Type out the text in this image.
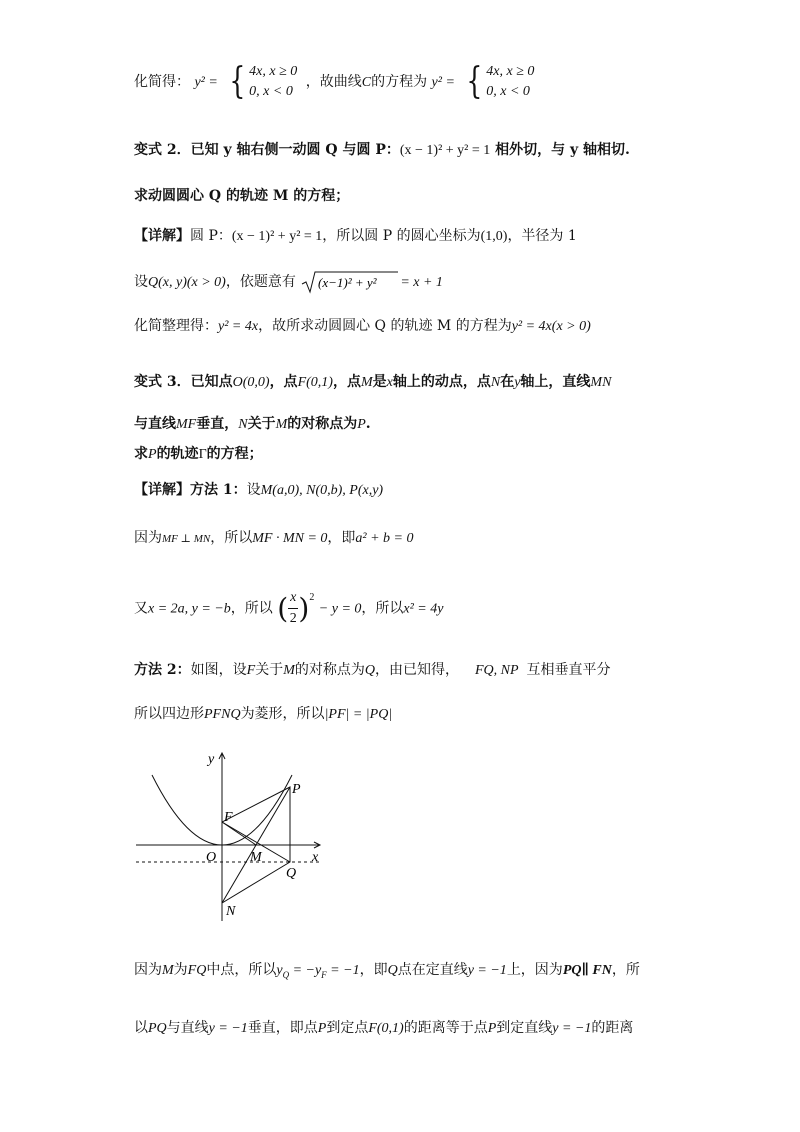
化简得： y² = { 4x, x ≥ 0
0, x < 0
，故曲线C的方程为 y² = { 4x, x ≥ 0
0, x < 0
变式 2．已知 y 轴右侧一动圆 Q 与圆 P：(x − 1)² + y² = 1 相外切，与 y 轴相切.
求动圆圆心 Q 的轨迹 M 的方程；
【详解】圆 P：(x − 1)² + y² = 1，所以圆 P 的圆心坐标为(1,0)，半径为 1
设Q(x, y)(x > 0)，依题意有 (x−1)² + y² = x + 1
化简整理得：y² = 4x，故所求动圆圆心 Q 的轨迹 M 的方程为y² = 4x(x > 0)
变式 3．已知点O(0,0)，点F(0,1)，点M是x轴上的动点，点N在y轴上，直线MN
与直线MF垂直，N关于M的对称点为P.
求P的轨迹Γ的方程；
【详解】方法 1：设M(a,0), N(0,b), P(x,y)
因为MF ⊥ MN，所以MF · MN = 0，即a² + b = 0
又x = 2a, y = −b，所以 ( $\frac{x}{2} )^2$
− y = 0，所以x² = 4y
方法 2：如图，设F关于M的对称点为Q，由已知得， FQ, NP 互相垂直平分
所以四边形PFNQ为菱形，所以|PF| = |PQ|
y
x
O
F
M
P
Q
N
因为M为FQ中点，所以$y_Q = -y_F = -1$，即Q点在定直线y = −1上，因为PQ∥ FN，所
以PQ与直线y = −1垂直，即点P到定点F(0,1)的距离等于点P到定直线y = −1的距离
